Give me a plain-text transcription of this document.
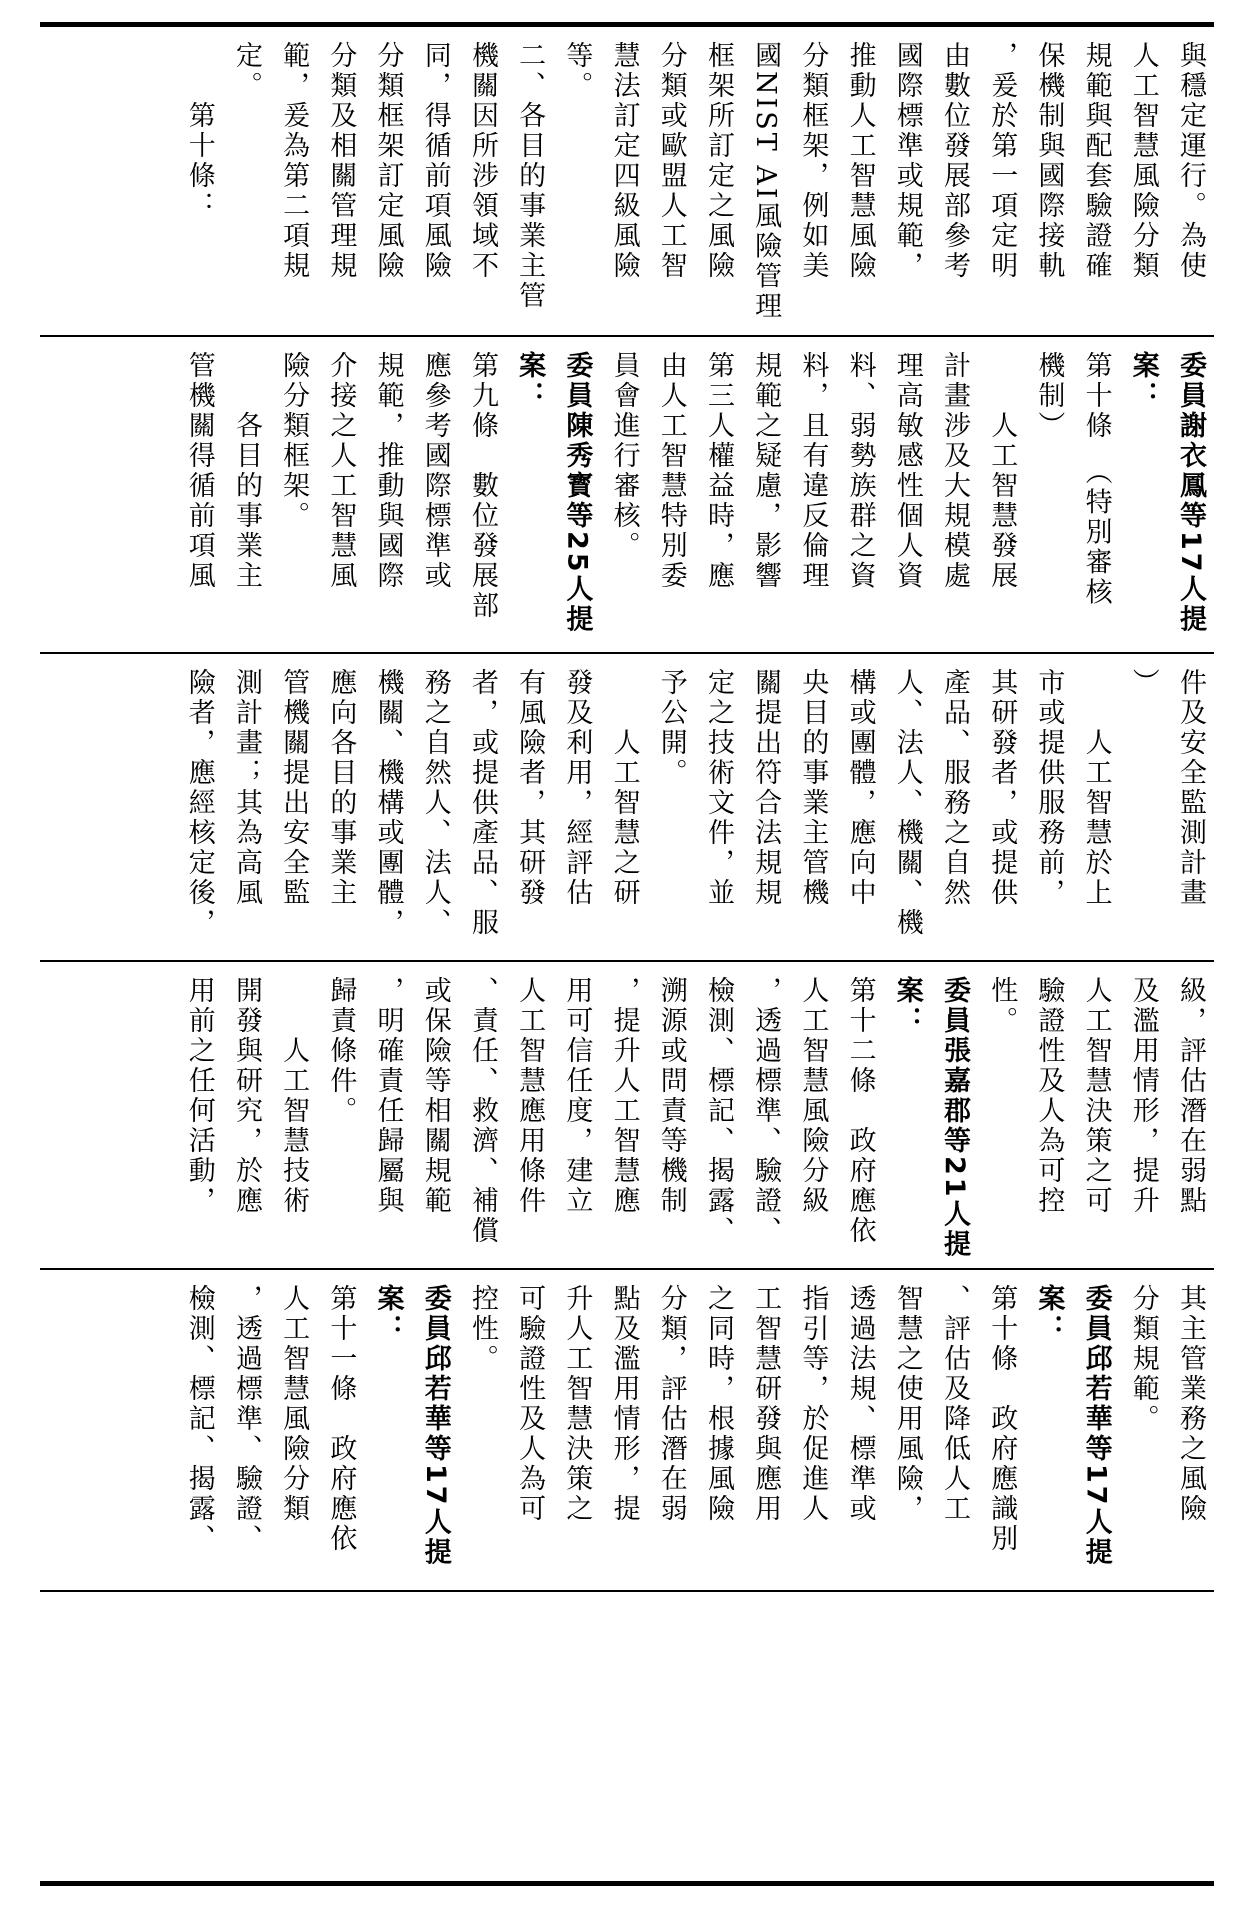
與穩定運行。為使
人工智慧風險分類
規範與配套驗證確
保機制與國際接軌
，爰於第一項定明
由數位發展部參考
國際標準或規範，
推動人工智慧風險
分類框架，例如美
國NIST AI風險管理
框架所訂定之風險
分類或歐盟人工智
慧法訂定四級風險
等。
二、各目的事業主管
機關因所涉領域不
同，得循前項風險
分類框架訂定風險
分類及相關管理規
範，爰為第二項規
定。
　　第十條：
委員謝衣鳳等17人提
案：
第十條　（特別審核
機制）
　　人工智慧發展
計畫涉及大規模處
理高敏感性個人資
料、弱勢族群之資
料，且有違反倫理
規範之疑慮，影響
第三人權益時，應
由人工智慧特別委
員會進行審核。
委員陳秀寳等25人提
案：
第九條　數位發展部
應參考國際標準或
規範，推動與國際
介接之人工智慧風
險分類框架。
　　各目的事業主
管機關得循前項風
件及安全監測計畫
）
　　人工智慧於上
市或提供服務前，
其研發者，或提供
產品、服務之自然
人、法人、機關、機
構或團體，應向中
央目的事業主管機
關提出符合法規規
定之技術文件，並
予公開。
　　人工智慧之研
發及利用，經評估
有風險者，其研發
者，或提供產品、服
務之自然人、法人、
機關、機構或團體，
應向各目的事業主
管機關提出安全監
測計畫；其為高風
險者，應經核定後，
級，評估潛在弱點
及濫用情形，提升
人工智慧決策之可
驗證性及人為可控
性。
委員張嘉郡等21人提
案：
第十二條　政府應依
人工智慧風險分級
，透過標準、驗證、
檢測、標記、揭露、
溯源或問責等機制
，提升人工智慧應
用可信任度，建立
人工智慧應用條件
、責任、救濟、補償
或保險等相關規範
，明確責任歸屬與
歸責條件。
　　人工智慧技術
開發與研究，於應
用前之任何活動，
其主管業務之風險
分類規範。
委員邱若華等17人提
案：
第十條　政府應識別
、評估及降低人工
智慧之使用風險，
透過法規、標準或
指引等，於促進人
工智慧研發與應用
之同時，根據風險
分類，評估潛在弱
點及濫用情形，提
升人工智慧決策之
可驗證性及人為可
控性。
委員邱若華等17人提
案：
第十一條　政府應依
人工智慧風險分類
，透過標準、驗證、
檢測、標記、揭露、
